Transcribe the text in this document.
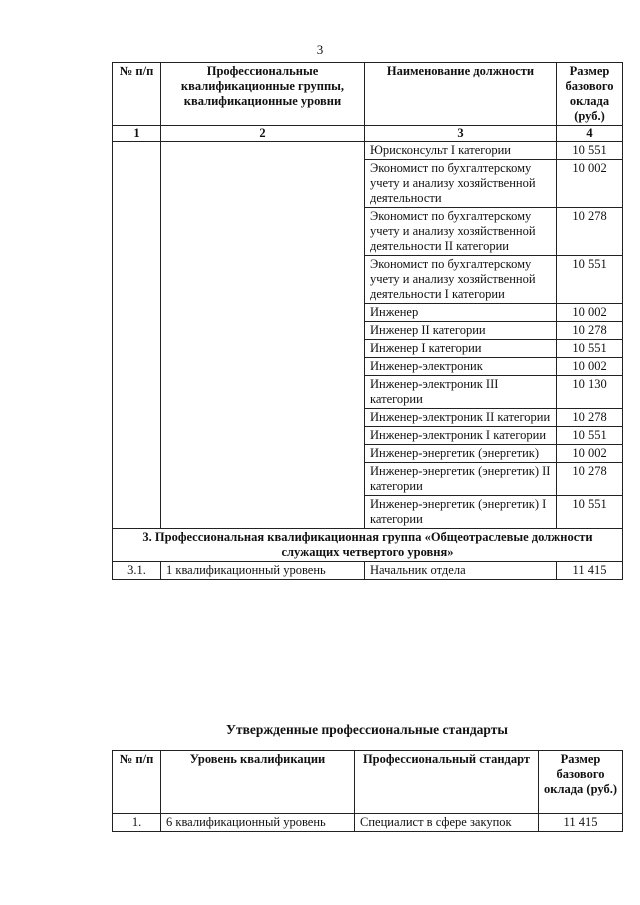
3
№ п/п	Профессиональные квалификационные группы, квалификационные уровни	Наименование должности	Размер базового оклада (руб.)
1	2	3	4
		Юрисконсульт I категории	10 551
		Экономист по бухгалтерскому учету и анализу хозяйственной деятельности	10 002
		Экономист по бухгалтерскому учету и анализу хозяйственной деятельности II категории	10 278
		Экономист по бухгалтерскому учету и анализу хозяйственной деятельности I категории	10 551
		Инженер	10 002
		Инженер II категории	10 278
		Инженер I категории	10 551
		Инженер-электроник	10 002
		Инженер-электроник III категории	10 130
		Инженер-электроник II категории	10 278
		Инженер-электроник I категории	10 551
		Инженер-энергетик (энергетик)	10 002
		Инженер-энергетик (энергетик) II категории	10 278
		Инженер-энергетик (энергетик) I категории	10 551
3. Профессиональная квалификационная группа «Общеотраслевые должности служащих четвертого уровня»			
3.1.	1 квалификационный уровень	Начальник отдела	11 415
Утвержденные профессиональные стандарты
№ п/п	Уровень квалификации	Профессиональный стандарт	Размер базового оклада (руб.)
1.	6 квалификационный уровень	Специалист в сфере закупок	11 415
